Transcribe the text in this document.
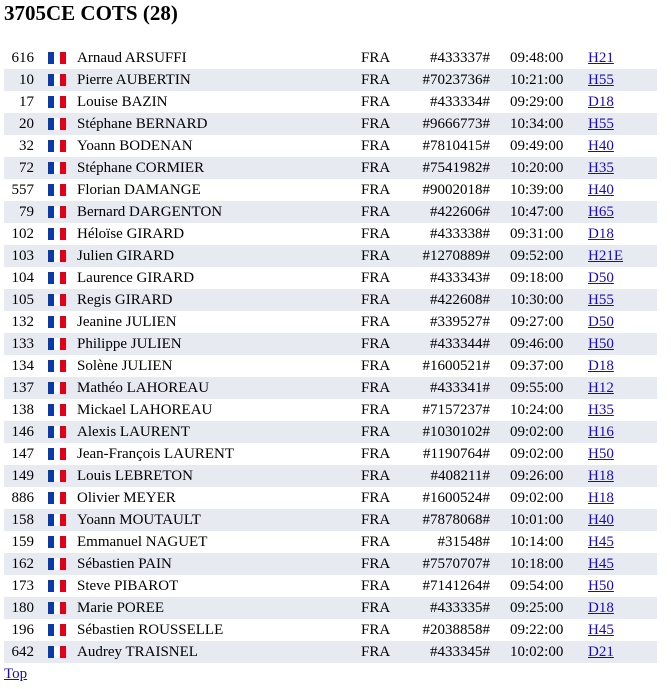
3705CE COTS (28)
616	Arnaud ARSUFFI	FRA	#433337# 09:48:00 H21
10	Pierre AUBERTIN	FRA	#7023736# 10:21:00 H55
17	Louise BAZIN	FRA	#433334# 09:29:00 D18
20	Stéphane BERNARD	FRA	#9666773# 10:34:00 H55
32	Yoann BODENAN	FRA	#7810415# 09:49:00 H40
72	Stéphane CORMIER	FRA	#7541982# 10:20:00 H35
557	Florian DAMANGE	FRA	#9002018# 10:39:00 H40
79	Bernard DARGENTON	FRA	#422606# 10:47:00 H65
102	Héloïse GIRARD	FRA	#433338# 09:31:00 D18
103	Julien GIRARD	FRA	#1270889# 09:52:00 H21E
104	Laurence GIRARD	FRA	#433343# 09:18:00 D50
105	Regis GIRARD	FRA	#422608# 10:30:00 H55
132	Jeanine JULIEN	FRA	#339527# 09:27:00 D50
133	Philippe JULIEN	FRA	#433344# 09:46:00 H50
134	Solène JULIEN	FRA	#1600521# 09:37:00 D18
137	Mathéo LAHOREAU	FRA	#433341# 09:55:00 H12
138	Mickael LAHOREAU	FRA	#7157237# 10:24:00 H35
146	Alexis LAURENT	FRA	#1030102# 09:02:00 H16
147	Jean-François LAURENT	FRA	#1190764# 09:02:00 H50
149	Louis LEBRETON	FRA	#408211# 09:26:00 H18
886	Olivier MEYER	FRA	#1600524# 09:02:00 H18
158	Yoann MOUTAULT	FRA	#7878068# 10:01:00 H40
159	Emmanuel NAGUET	FRA	#31548# 10:14:00 H45
162	Sébastien PAIN	FRA	#7570707# 10:18:00 H45
173	Steve PIBAROT	FRA	#7141264# 09:54:00 H50
180	Marie POREE	FRA	#433335# 09:25:00 D18
196	Sébastien ROUSSELLE	FRA	#2038858# 09:22:00 H45
642	Audrey TRAISNEL	FRA	#433345# 10:02:00 D21
Top
